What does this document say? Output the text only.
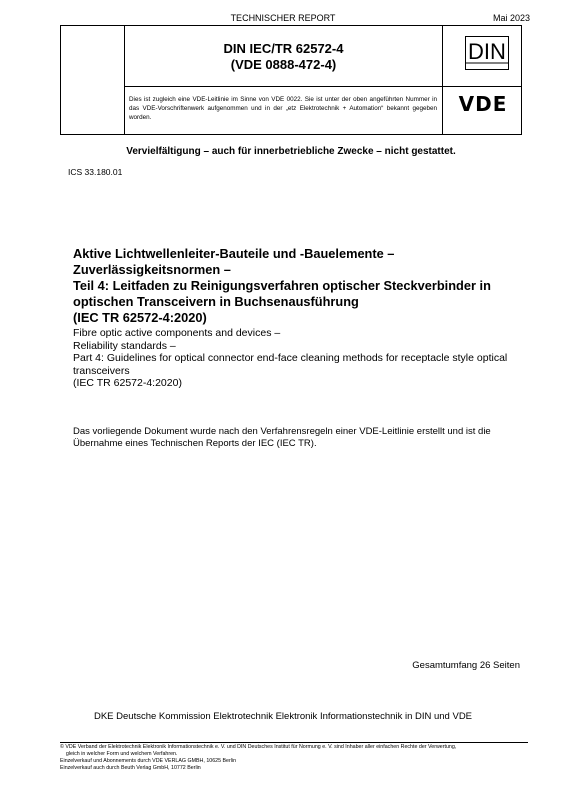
TECHNISCHER REPORT	Mai 2023
DIN IEC/TR 62572-4
(VDE 0888-472-4)
DIN
Dies ist zugleich eine VDE-Leitlinie im Sinne von VDE 0022. Sie ist unter der oben angeführten Nummer in das VDE-Vorschriftenwerk aufgenommen und in der „etz Elektrotechnik + Automation“ bekannt gegeben worden.
VDE
Vervielfältigung – auch für innerbetriebliche Zwecke – nicht gestattet.
ICS 33.180.01
Aktive Lichtwellenleiter-Bauteile und -Bauelemente –
Zuverlässigkeitsnormen –
Teil 4: Leitfaden zu Reinigungsverfahren optischer Steckverbinder in
optischen Transceivern in Buchsenausführung
(IEC TR 62572-4:2020)
Fibre optic active components and devices –
Reliability standards –
Part 4: Guidelines for optical connector end-face cleaning methods for receptacle style optical
transceivers
(IEC TR 62572-4:2020)
Das vorliegende Dokument wurde nach den Verfahrensregeln einer VDE-Leitlinie erstellt und ist die Übernahme eines Technischen Reports der IEC (IEC TR).
Gesamtumfang 26 Seiten
DKE Deutsche Kommission Elektrotechnik Elektronik Informationstechnik in DIN und VDE
© VDE Verband der Elektrotechnik Elektronik Informationstechnik e. V. und DIN Deutsches Institut für Normung e. V. sind Inhaber aller einfachen Rechte der Verwertung,
gleich in welcher Form und welchem Verfahren.
Einzelverkauf und Abonnements durch VDE VERLAG GMBH, 10625 Berlin
Einzelverkauf auch durch Beuth Verlag GmbH, 10772 Berlin
